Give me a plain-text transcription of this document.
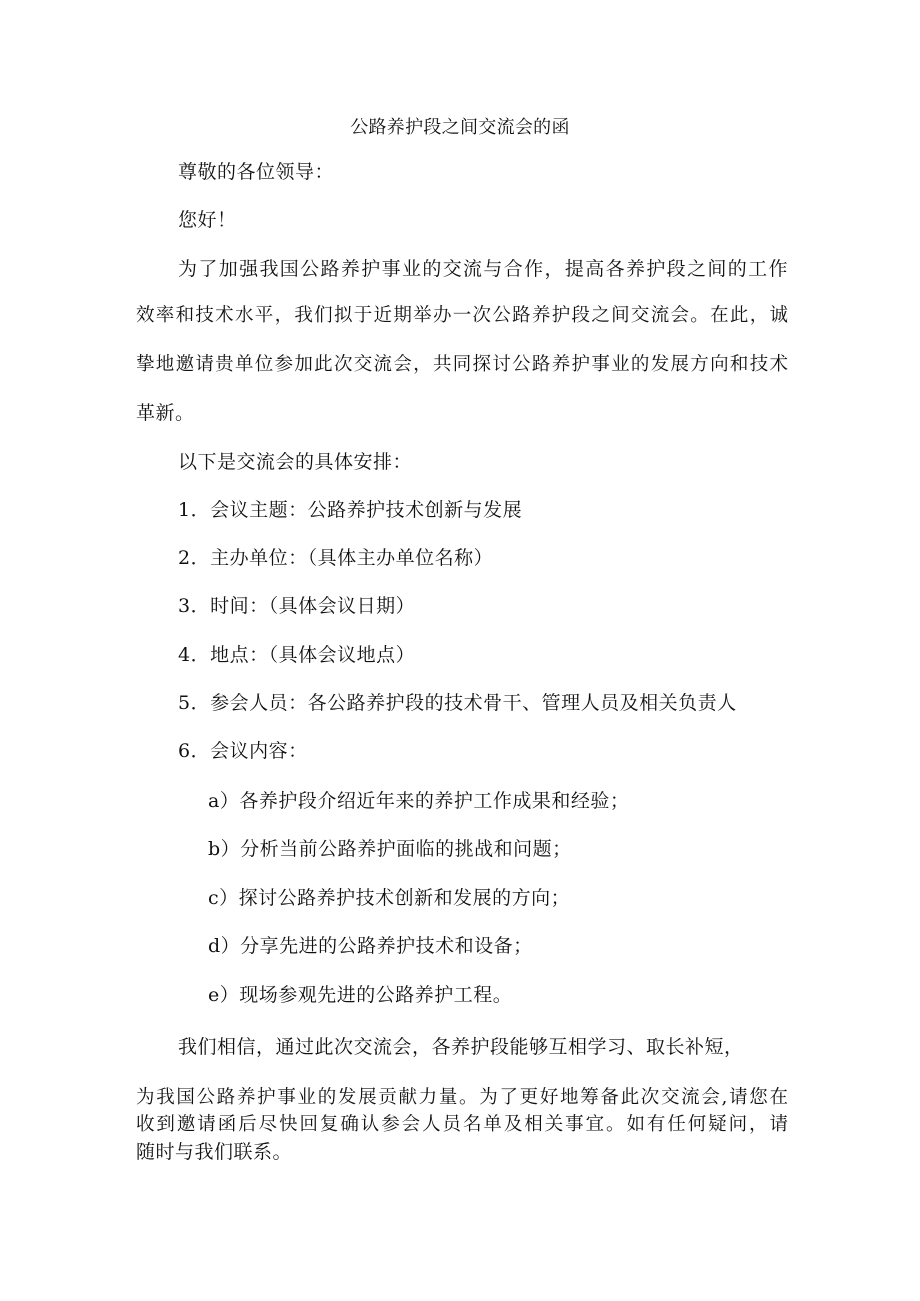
公路养护段之间交流会的函
尊敬的各位领导：
您好！
为了加强我国公路养护事业的交流与合作，提高各养护段之间的工作
效率和技术水平，我们拟于近期举办一次公路养护段之间交流会。在此，诚
挚地邀请贵单位参加此次交流会，共同探讨公路养护事业的发展方向和技术
革新。
以下是交流会的具体安排：
1．会议主题：公路养护技术创新与发展
2．主办单位：（具体主办单位名称）
3．时间：（具体会议日期）
4．地点：（具体会议地点）
5．参会人员：各公路养护段的技术骨干、管理人员及相关负责人
6．会议内容：
a）各养护段介绍近年来的养护工作成果和经验；
b）分析当前公路养护面临的挑战和问题；
c）探讨公路养护技术创新和发展的方向；
d）分享先进的公路养护技术和设备；
e）现场参观先进的公路养护工程。
我们相信，通过此次交流会，各养护段能够互相学习、取长补短，
为我国公路养护事业的发展贡献力量。为了更好地筹备此次交流会,请您在
收到邀请函后尽快回复确认参会人员名单及相关事宜。如有任何疑问，请
随时与我们联系。
